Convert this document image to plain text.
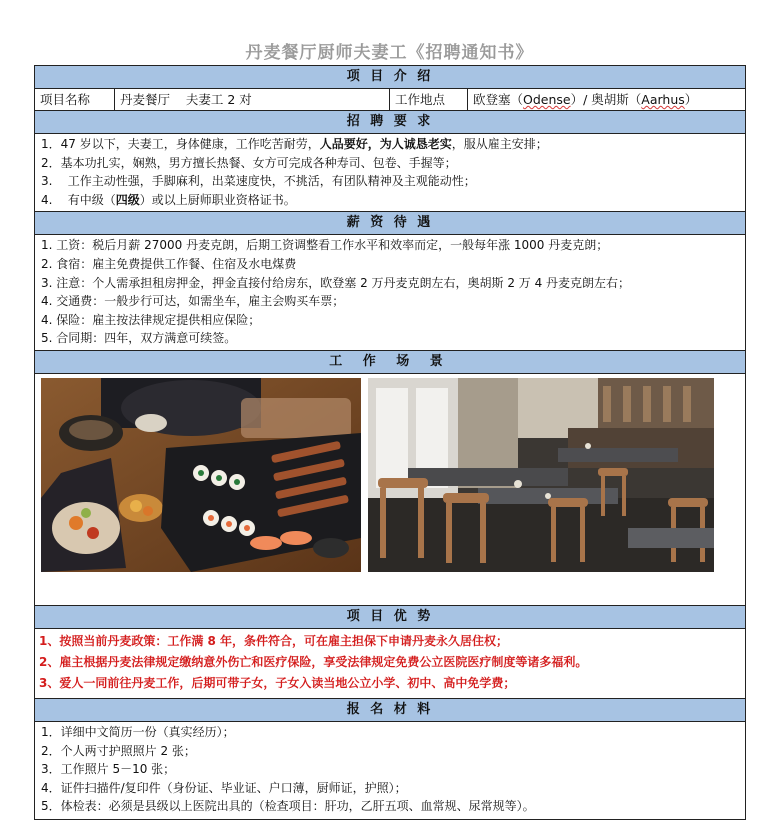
丹麦餐厅厨师夫妻工《招聘通知书》
项 目 介 绍
项目名称	丹麦餐厅    夫妻工 2 对	工作地点	欧登塞（Odense）/ 奥胡斯（Aarhus）
招 聘 要 求
1．47 岁以下，夫妻工，身体健康，工作吃苦耐劳，人品要好，为人诚恳老实，服从雇主安排；
2．基本功扎实，娴熟，男方擅长热餐、女方可完成各种寿司、包卷、手握等；
3.    工作主动性强，手脚麻利，出菜速度快，不挑活，有团队精神及主观能动性；
4.    有中级（四级）或以上厨师职业资格证书。
薪 资 待 遇
1. 工资：税后月薪 27000 丹麦克朗，后期工资调整看工作水平和效率而定，一般每年涨 1000 丹麦克朗；
2. 食宿：雇主免费提供工作餐、住宿及水电煤费
3. 注意：个人需承担租房押金，押金直接付给房东，欧登塞 2 万丹麦克朗左右，奥胡斯 2 万 4 丹麦克朗左右；
4. 交通费：一般步行可达，如需坐车，雇主会购买车票；
4. 保险：雇主按法律规定提供相应保险；
5. 合同期：四年，双方满意可续签。
工 作 场 景
项 目 优 势
1、按照当前丹麦政策：工作满 8 年，条件符合，可在雇主担保下申请丹麦永久居住权；
2、雇主根据丹麦法律规定缴纳意外伤亡和医疗保险，享受法律规定免费公立医院医疗制度等诸多福利。
3、爱人一同前往丹麦工作，后期可带子女，子女入读当地公立小学、初中、高中免学费；
报 名 材 料
1．详细中文简历一份（真实经历）；
2．个人两寸护照照片 2 张；
3．工作照片 5－10 张；
4．证件扫描件/复印件（身份证、毕业证、户口薄，厨师证，护照）；
5．体检表：必须是县级以上医院出具的（检查项目：肝功，乙肝五项、血常规、尿常规等）。
